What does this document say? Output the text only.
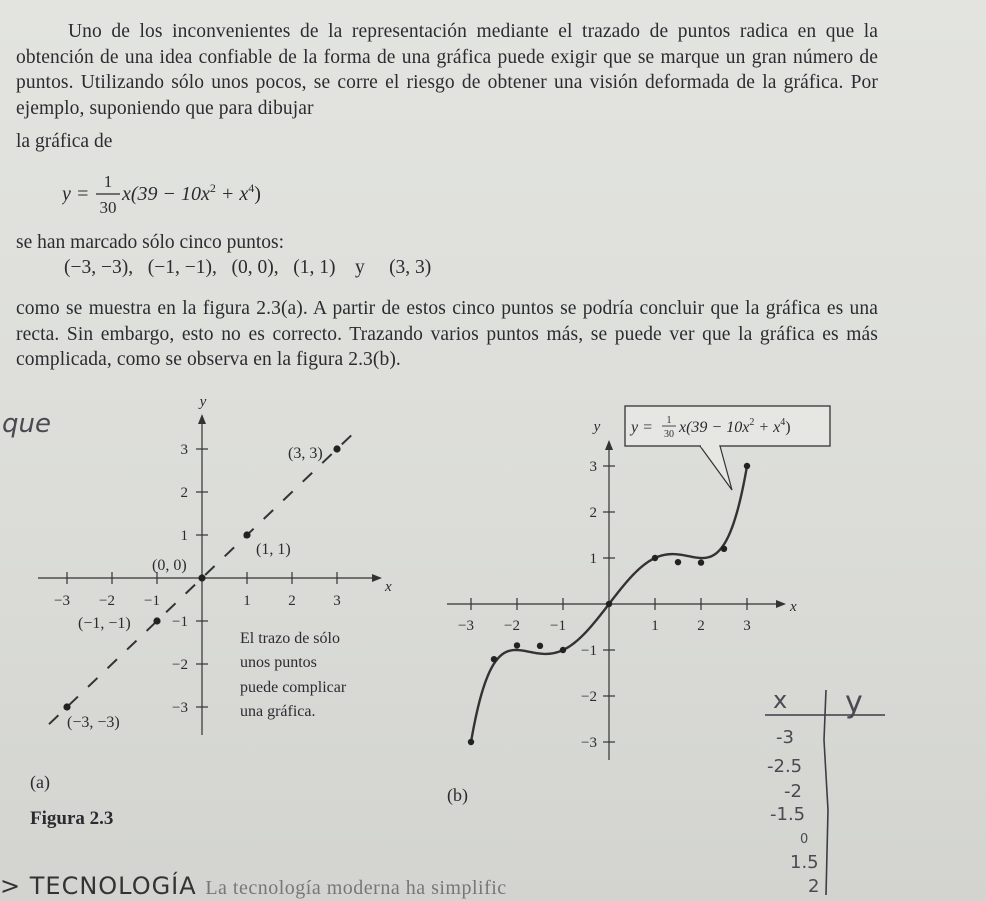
Uno de los inconvenientes de la representación mediante el trazado de puntos radica en que la obtención de una idea confiable de la forma de una gráfica puede exigir que se marque un gran número de puntos. Utilizando sólo unos pocos, se corre el riesgo de obtener una visión deformada de la gráfica. Por ejemplo, suponiendo que para dibujar
la gráfica de
y =
1
30
$x(39 - 10x^2 + x^4)$
se han marcado sólo cinco puntos:
(−3, −3),   (−1, −1),   (0, 0),   (1, 1)    y     (3, 3)
como se muestra en la figura 2.3(a). A partir de estos cinco puntos se podría concluir que la gráfica es una recta. Sin embargo, esto no es correcto. Trazando varios puntos más, se puede ver que la gráfica es más complicada, como se observa en la figura 2.3(b).
que
x
y
−3 −2 −1	1	2	3
3
2
1
−1
−2
−3
(3, 3)
(1, 1)
(0, 0)
(−1, −1)
(−3, −3)
El trazo de sólo
unos puntos
puede complicar
una gráfica.
(a)
Figura 2.3
x
y
−3 −2 −1	1	2	3
3
2
1
−1
−2
−3
y = 1
30 $x(39 - 10x^2 + x^4)$
(b)
x y
-3
-2.5
-2
-1.5
0
1.5
2
> TECNOLOGÍA La tecnología moderna ha simplific
